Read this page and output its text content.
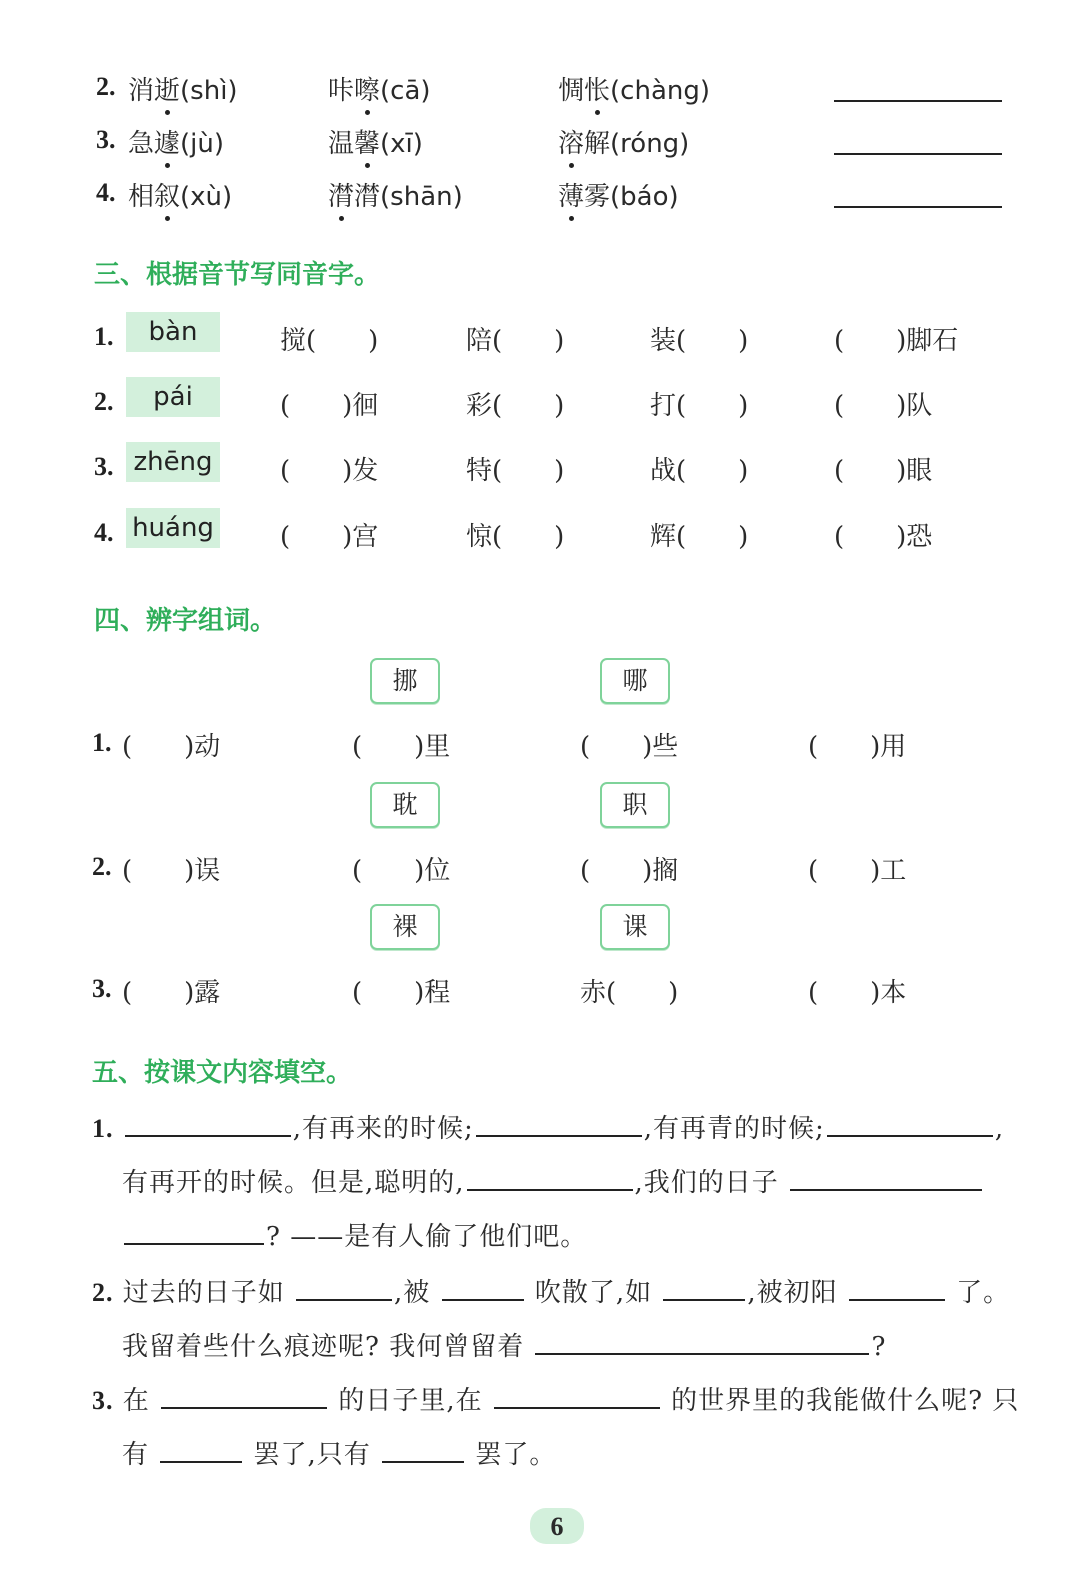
2. 消逝(shì)	咔嚓(cā)	惆怅(chàng)
3. 急遽(jù)	温馨(xī)	溶解(róng)
4. 相叙(xù)	潸潸(shān)	薄雾(báo)
三、根据音节写同音字。
1.	bàn	搅(　　)	陪(　　)	装(　　)	(　　)脚石
2.	pái	(　　)徊	彩(　　)	打(　　)	(　　)队
3. zhēng	(　　)发	特(　　)	战(　　)	(　　)眼
4. huáng	(　　)宫	惊(　　)	辉(　　)	(　　)恐
四、辨字组词。
挪	哪
1. (　　)动	(　　)里	(　　)些	(　　)用
耽	职
2. (　　)误	(　　)位	(　　)搁	(　　)工
裸	课
3. (　　)露	(　　)程	赤(　　)	(　　)本
五、按课文内容填空。
1.	,有再来的时候;	,有再青的时候;	,
有再开的时候。但是,聪明的,	,我们的日子
? ——是有人偷了他们吧。
2. 过去的日子如	,被	吹散了,如	,被初阳	了。
我留着些什么痕迹呢? 我何曾留着	?
3. 在	的日子里,在	的世界里的我能做什么呢? 只
有	罢了,只有	罢了。
6
